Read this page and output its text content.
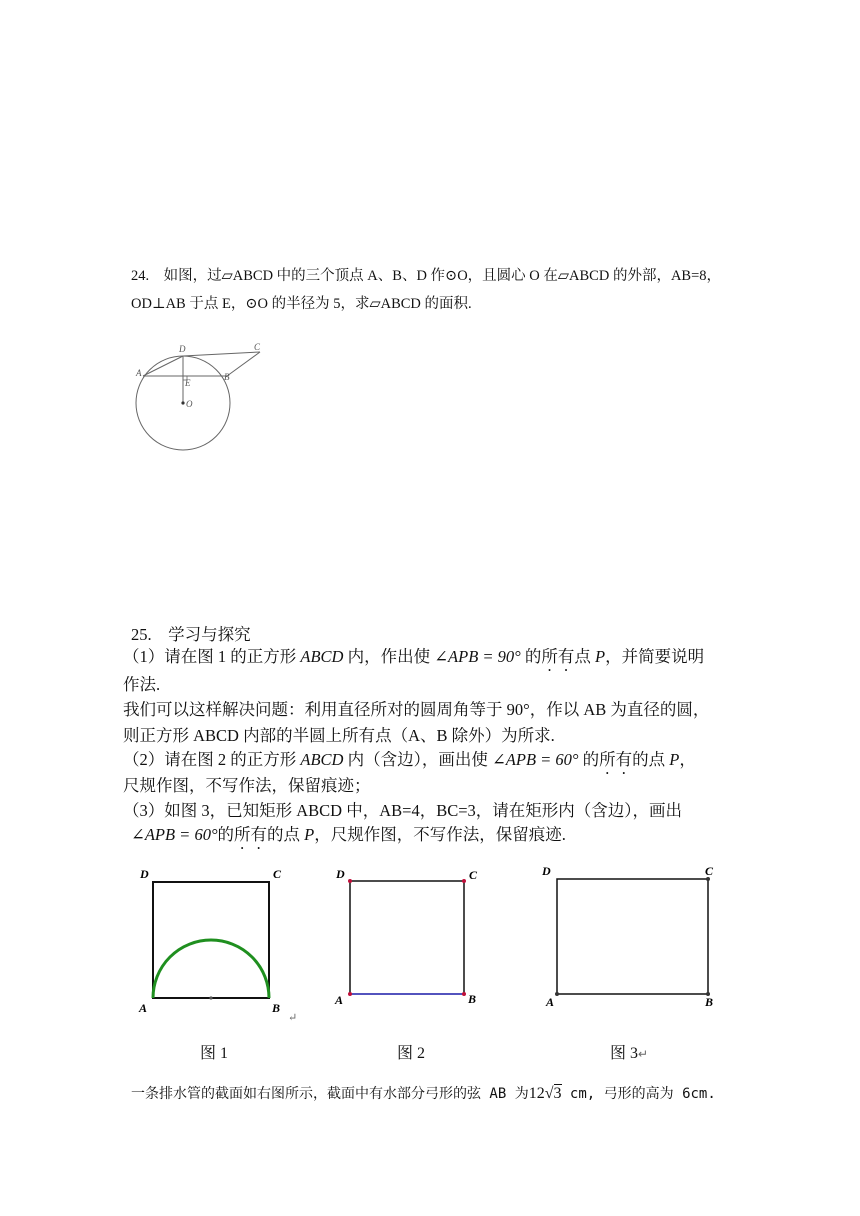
24.　如图，过▱ABCD 中的三个顶点 A、B、D 作⊙O，且圆心 O 在▱ABCD 的外部，AB=8，
OD⊥AB 于点 E，⊙O 的半径为 5，求▱ABCD 的面积.
D	C
A	B
E
O
25.　学习与探究
（1）请在图 1 的正方形 ABCD 内，作出使 ∠APB = 90° 的所有点 P，并简要说明
作法.
我们可以这样解决问题：利用直径所对的圆周角等于 90°，作以 AB 为直径的圆，
则正方形 ABCD 内部的半圆上所有点（A、B 除外）为所求.
（2）请在图 2 的正方形 ABCD 内（含边），画出使 ∠APB = 60° 的所有的点 P，
尺规作图，不写作法，保留痕迹；
（3）如图 3，已知矩形 ABCD 中，AB=4，BC=3，请在矩形内（含边），画出
∠APB = 60°的所有的点 P，尺规作图，不写作法，保留痕迹.
D	C
A	B
↵
图 1
D	C
A	B
图 2
D	C
A	B
图 3↵
一条排水管的截面如右图所示，截面中有水部分弓形的弦 AB 为12√3 cm, 弓形的高为 6cm.
